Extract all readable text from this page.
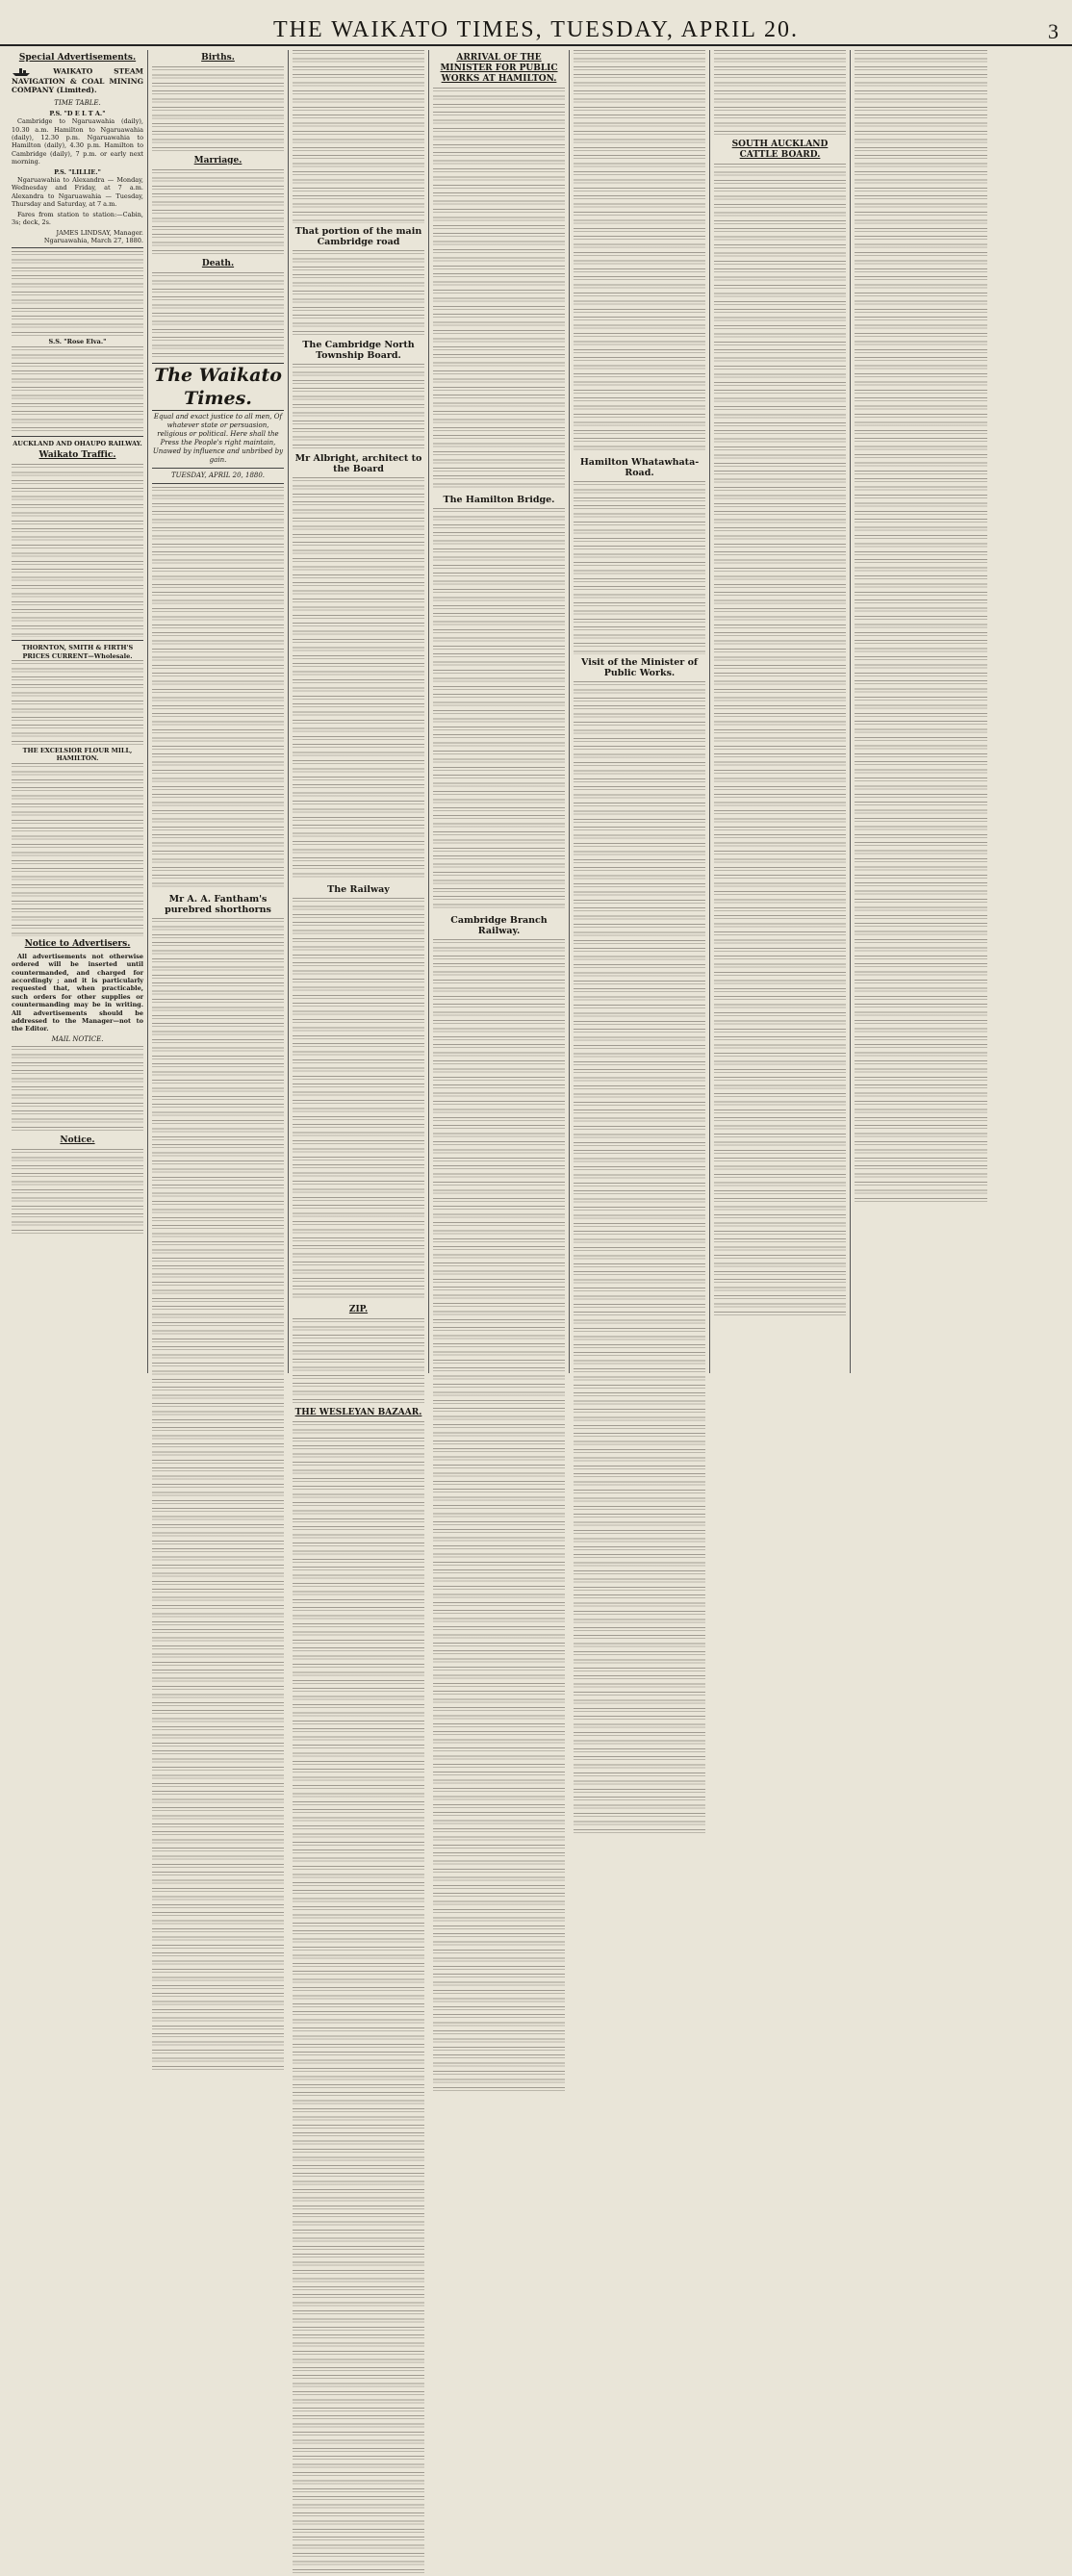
THE WAIKATO TIMES, TUESDAY, APRIL 20.	3
Special Advertisements.
WAIKATO STEAM NAVIGATION & COAL MINING COMPANY (Limited).
TIME TABLE.
P.S. "D E L T A."

Cambridge to Ngaruawahia (daily), 10.30 a.m. Hamilton to Ngaruawahia (daily), 12.30 p.m. Ngaruawahia to Hamilton (daily), 4.30 p.m. Hamilton to Cambridge (daily), 7 p.m. or early next morning.

P.S. "LILLIE."

Ngaruawahia to Alexandra — Monday, Wednesday and Friday, at 7 a.m. Alexandra to Ngaruawahia — Tuesday, Thursday and Saturday, at 7 a.m.

Fares from station to station:—Cabin, 3s; deck, 2s.

JAMES LINDSAY, Manager. Ngaruawahia, March 27, 1880.

S.S. "Rose Elva."
AUCKLAND AND OHAUPO RAILWAY.
Waikato Traffic.
THORNTON, SMITH & FIRTH'S PRICES CURRENT—Wholesale.
THE EXCELSIOR FLOUR MILL, HAMILTON.
Notice to Advertisers.

All advertisements not otherwise ordered will be inserted until countermanded, and charged for accordingly ; and it is particularly requested that, when practicable, such orders for other supplies or countermanding may be in writing. All advertisements should be addressed to the Manager—not to the Editor.

MAIL NOTICE.
Notice.
Births.
Marriage.
Death.
The Waikato Times.
Equal and exact justice to all men, Of whatever state or persuasion, religious or political. Here shall the Press the People's right maintain, Unawed by influence and unbribed by gain.
TUESDAY, APRIL 20, 1880.
Mr A. A. Fantham's purebred shorthorns
That portion of the main Cambridge road
The Cambridge North Township Board.
Mr Albright, architect to the Board
The Railway
ZIP.
THE WESLEYAN BAZAAR.
ARRIVAL OF THE MINISTER FOR PUBLIC WORKS AT HAMILTON.
The Hamilton Bridge.
Cambridge Branch Railway.
Hamilton Whatawhata-Road.
Visit of the Minister of Public Works.
SOUTH AUCKLAND CATTLE BOARD.
